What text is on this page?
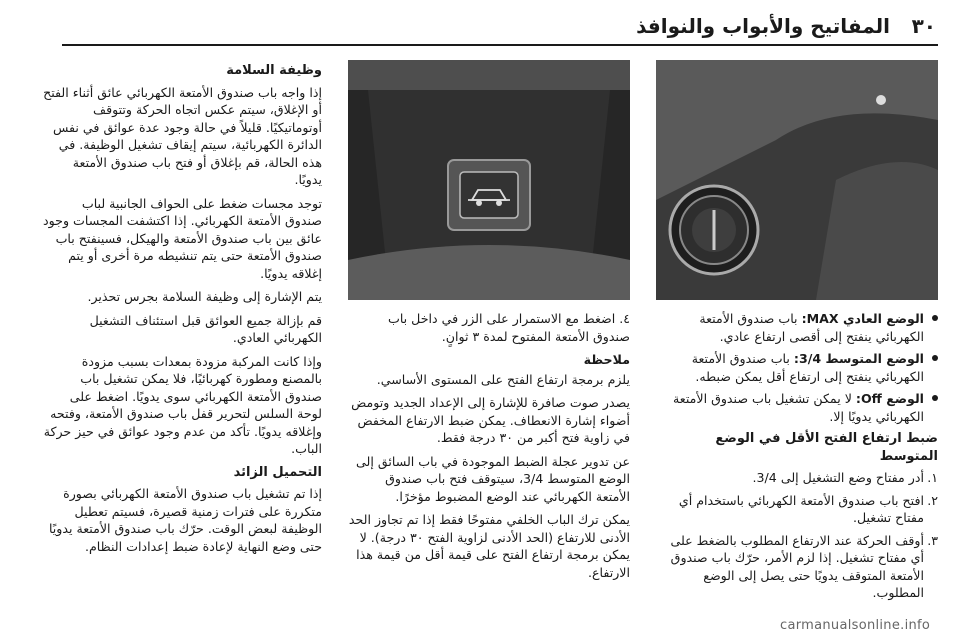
المفاتيح والأبواب والنوافذ ٣٠
الوضع العادي MAX: باب صندوق الأمتعة الكهربائي ينفتح إلى أقصى ارتفاع عادي.
الوضع المتوسط 3/4: باب صندوق الأمتعة الكهربائي ينفتح إلى ارتفاع أقل يمكن ضبطه.
الوضع Off: لا يمكن تشغيل باب صندوق الأمتعة الكهربائي يدويًا إلا.
ضبط ارتفاع الفتح الأقل في الوضع المتوسط
١.
أدر مفتاح وضع التشغيل إلى 3/4.
٢.
افتح باب صندوق الأمتعة الكهربائي باستخدام أي مفتاح تشغيل.
٣.
أوقف الحركة عند الارتفاع المطلوب بالضغط على أي مفتاح تشغيل. إذا لزم الأمر، حرّك باب صندوق الأمتعة المتوقف يدويًا حتى يصل إلى الوضع المطلوب.

٤. اضغط مع الاستمرار على الزر في داخل باب صندوق الأمتعة المفتوح لمدة ٣ ثوانٍ.

ملاحظة

يلزم برمجة ارتفاع الفتح على المستوى الأساسي.

يصدر صوت صافرة للإشارة إلى الإعداد الجديد وتومض أضواء إشارة الانعطاف. يمكن ضبط الارتفاع المخفض في زاوية فتح أكبر من ٣٠ درجة فقط.

عن تدوير عجلة الضبط الموجودة في باب السائق إلى الوضع المتوسط 3/4، سيتوقف فتح باب صندوق الأمتعة الكهربائي عند الوضع المضبوط مؤخرًا.

يمكن ترك الباب الخلفي مفتوحًا فقط إذا تم تجاوز الحد الأدنى للارتفاع (الحد الأدنى لزاوية الفتح ٣٠ درجة). لا يمكن برمجة ارتفاع الفتح على قيمة أقل من قيمة هذا الارتفاع.

وظيفة السلامة

إذا واجه باب صندوق الأمتعة الكهربائي عائق أثناء الفتح أو الإغلاق، سيتم عكس اتجاه الحركة وتتوقف أوتوماتيكيًا. قليلاً في حالة وجود عدة عوائق في نفس الدائرة الكهربائية، سيتم إيقاف تشغيل الوظيفة. في هذه الحالة، قم بإغلاق أو فتح باب صندوق الأمتعة يدويًا.

توجد مجسات ضغط على الحواف الجانبية لباب صندوق الأمتعة الكهربائي. إذا اكتشفت المجسات وجود عائق بين باب صندوق الأمتعة والهيكل، فسينفتح باب صندوق الأمتعة حتى يتم تنشيطه مرة أخرى أو يتم إغلاقه يدويًا.

يتم الإشارة إلى وظيفة السلامة بجرس تحذير.

قم بإزالة جميع العوائق قبل استئناف التشغيل الكهربائي العادي.

وإذا كانت المركبة مزودة بمعدات بسبب مزودة بالمصنع ومطورة كهربائيًا، فلا يمكن تشغيل باب صندوق الأمتعة الكهربائي سوى يدويًا. اضغط على لوحة السلس لتحرير قفل باب صندوق الأمتعة، وفتحه وإغلاقه يدويًا. تأكد من عدم وجود عوائق في حيز حركة الباب.

التحميل الزائد

إذا تم تشغيل باب صندوق الأمتعة الكهربائي بصورة متكررة على فترات زمنية قصيرة، فسيتم تعطيل الوظيفة لبعض الوقت. حرّك باب صندوق الأمتعة يدويًا حتى وضع النهاية لإعادة ضبط إعدادات النظام.

carmanualsonline.info
